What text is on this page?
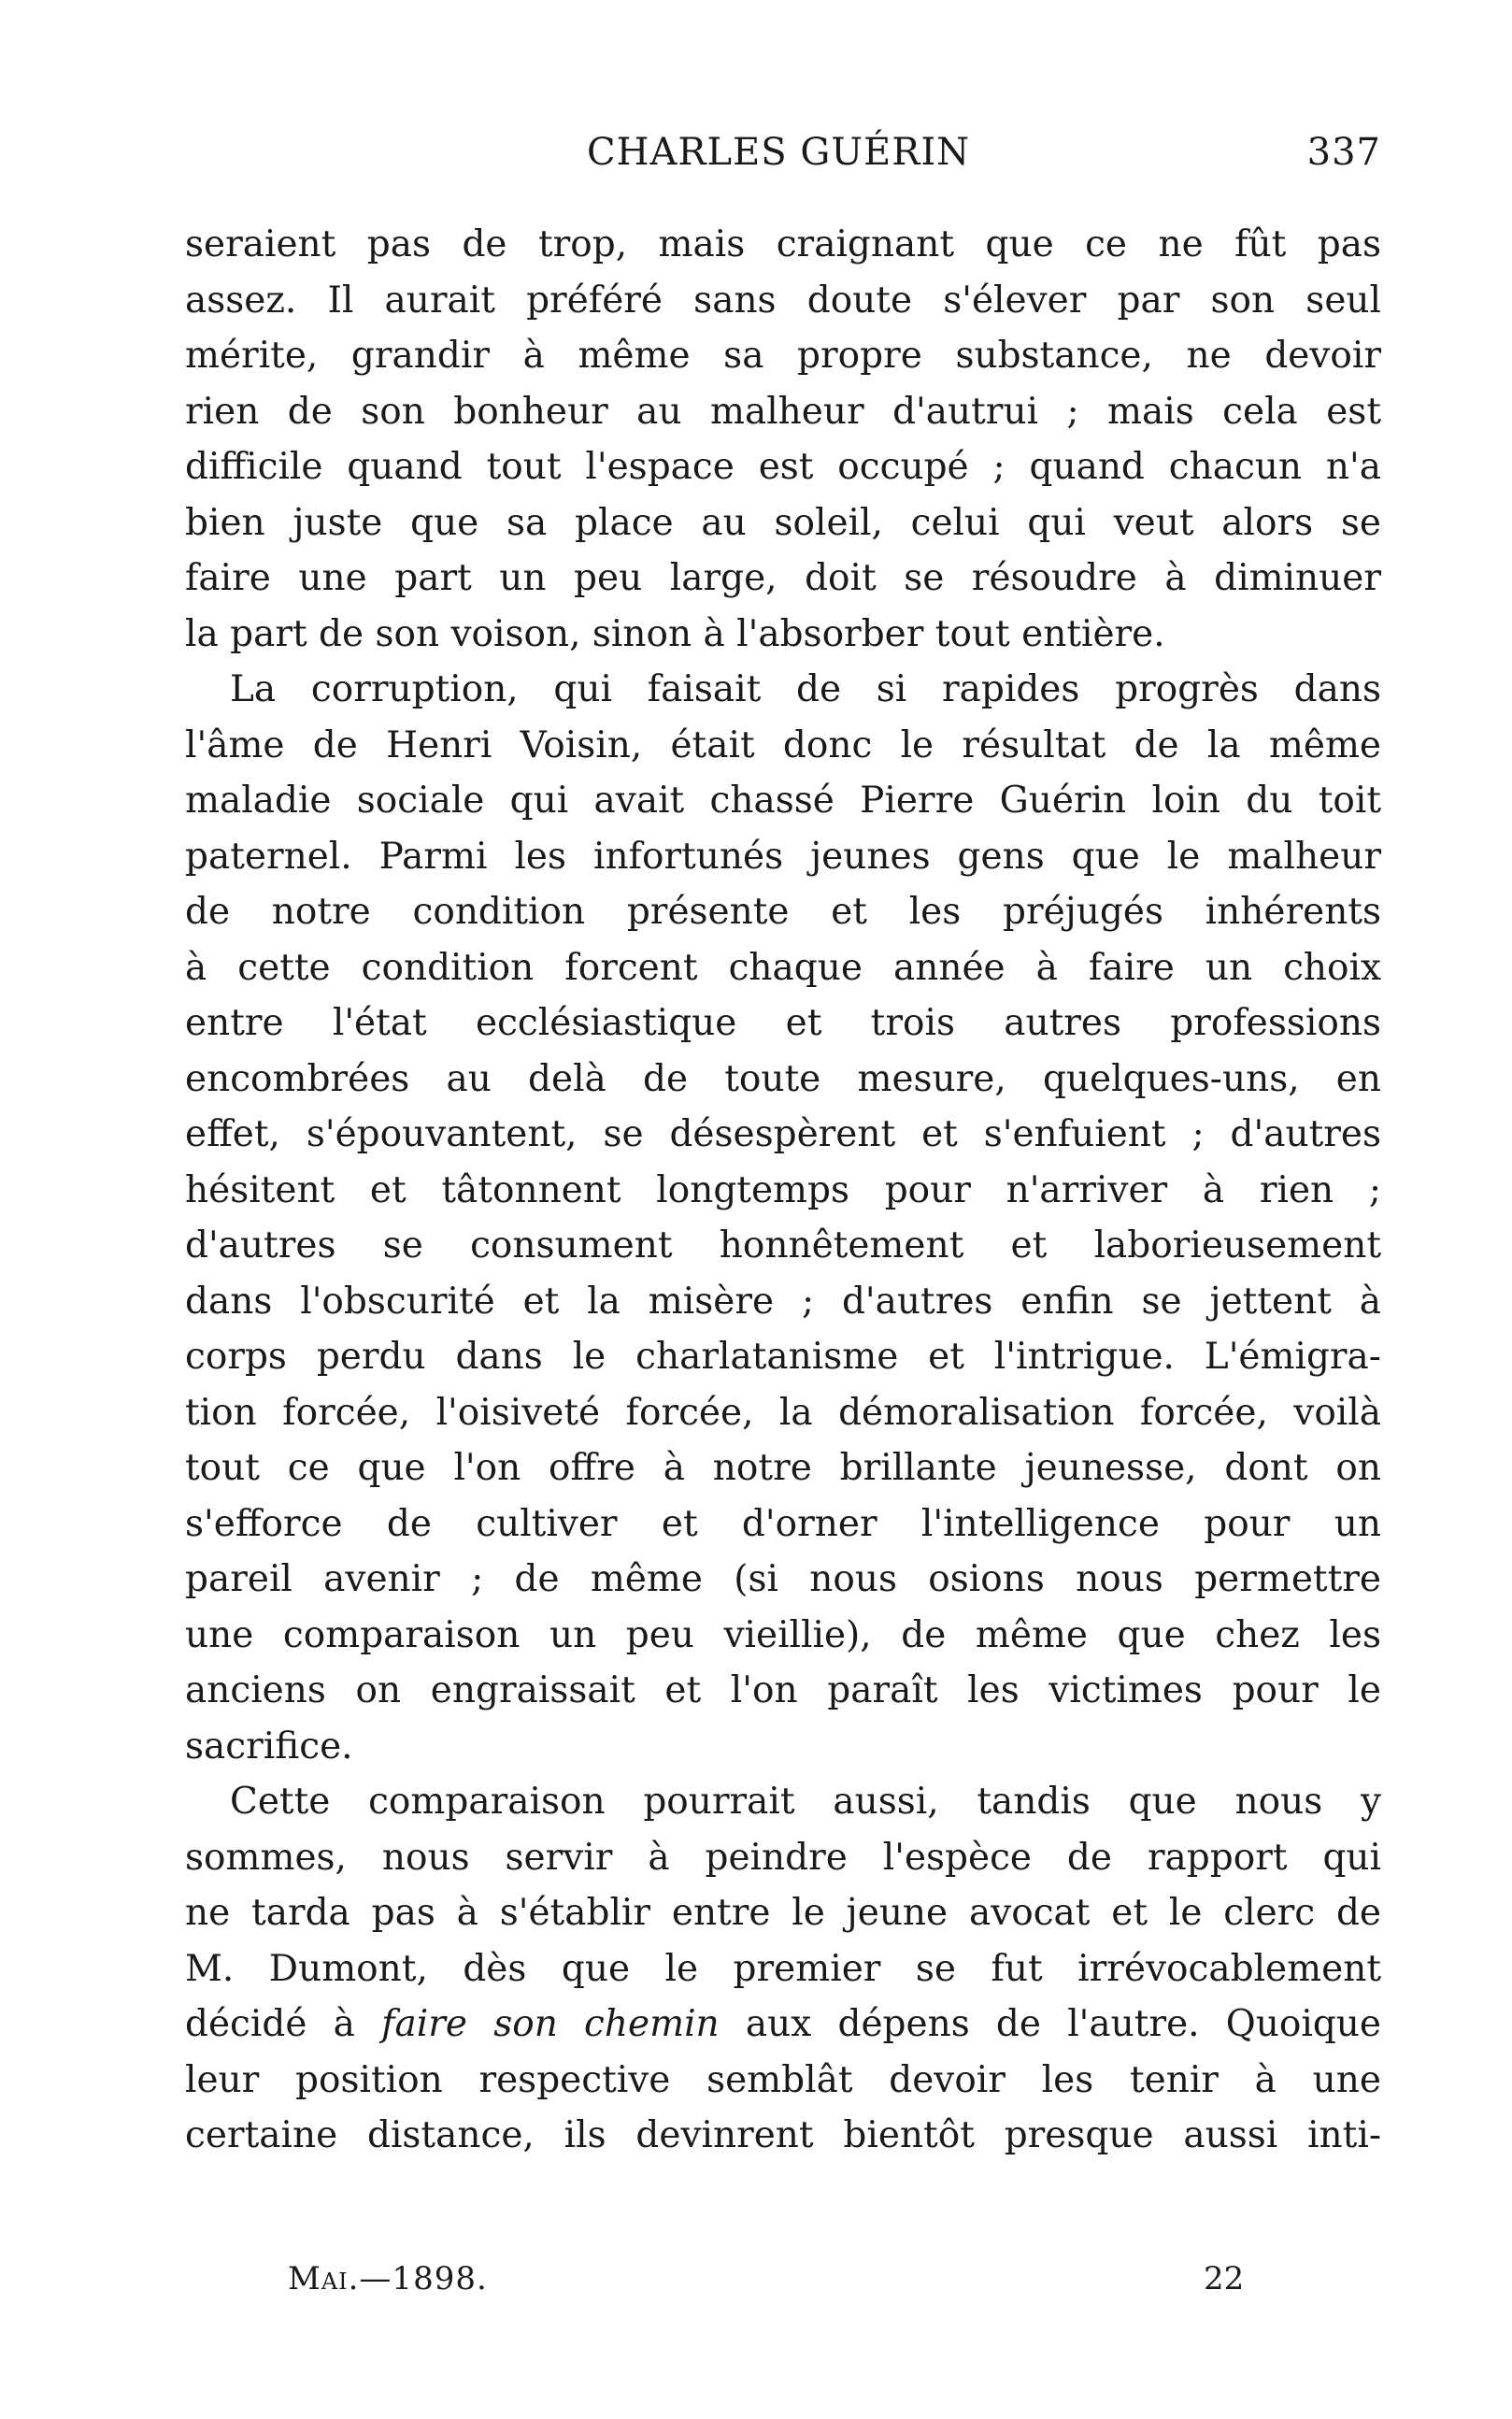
CHARLES GUÉRIN	337
seraient pas de trop, mais craignant que ce ne fût pas
assez. Il aurait préféré sans doute s'élever par son seul
mérite, grandir à même sa propre substance, ne devoir
rien de son bonheur au malheur d'autrui ; mais cela est
difficile quand tout l'espace est occupé ; quand chacun n'a
bien juste que sa place au soleil, celui qui veut alors se
faire une part un peu large, doit se résoudre à diminuer
la part de son voison, sinon à l'absorber tout entière.
La corruption, qui faisait de si rapides progrès dans
l'âme de Henri Voisin, était donc le résultat de la même
maladie sociale qui avait chassé Pierre Guérin loin du toit
paternel. Parmi les infortunés jeunes gens que le malheur
de notre condition présente et les préjugés inhérents
à cette condition forcent chaque année à faire un choix
entre l'état ecclésiastique et trois autres professions
encombrées au delà de toute mesure, quelques-uns, en
effet, s'épouvantent, se désespèrent et s'enfuient ; d'autres
hésitent et tâtonnent longtemps pour n'arriver à rien ;
d'autres se consument honnêtement et laborieusement
dans l'obscurité et la misère ; d'autres enfin se jettent à
corps perdu dans le charlatanisme et l'intrigue. L'émigra-
tion forcée, l'oisiveté forcée, la démoralisation forcée, voilà
tout ce que l'on offre à notre brillante jeunesse, dont on
s'efforce de cultiver et d'orner l'intelligence pour un
pareil avenir ; de même (si nous osions nous permettre
une comparaison un peu vieillie), de même que chez les
anciens on engraissait et l'on paraît les victimes pour le
sacrifice.
Cette comparaison pourrait aussi, tandis que nous y
sommes, nous servir à peindre l'espèce de rapport qui
ne tarda pas à s'établir entre le jeune avocat et le clerc de
M. Dumont, dès que le premier se fut irrévocablement
décidé à faire son chemin aux dépens de l'autre. Quoique
leur position respective semblât devoir les tenir à une
certaine distance, ils devinrent bientôt presque aussi inti-
Mai.—1898.	22
